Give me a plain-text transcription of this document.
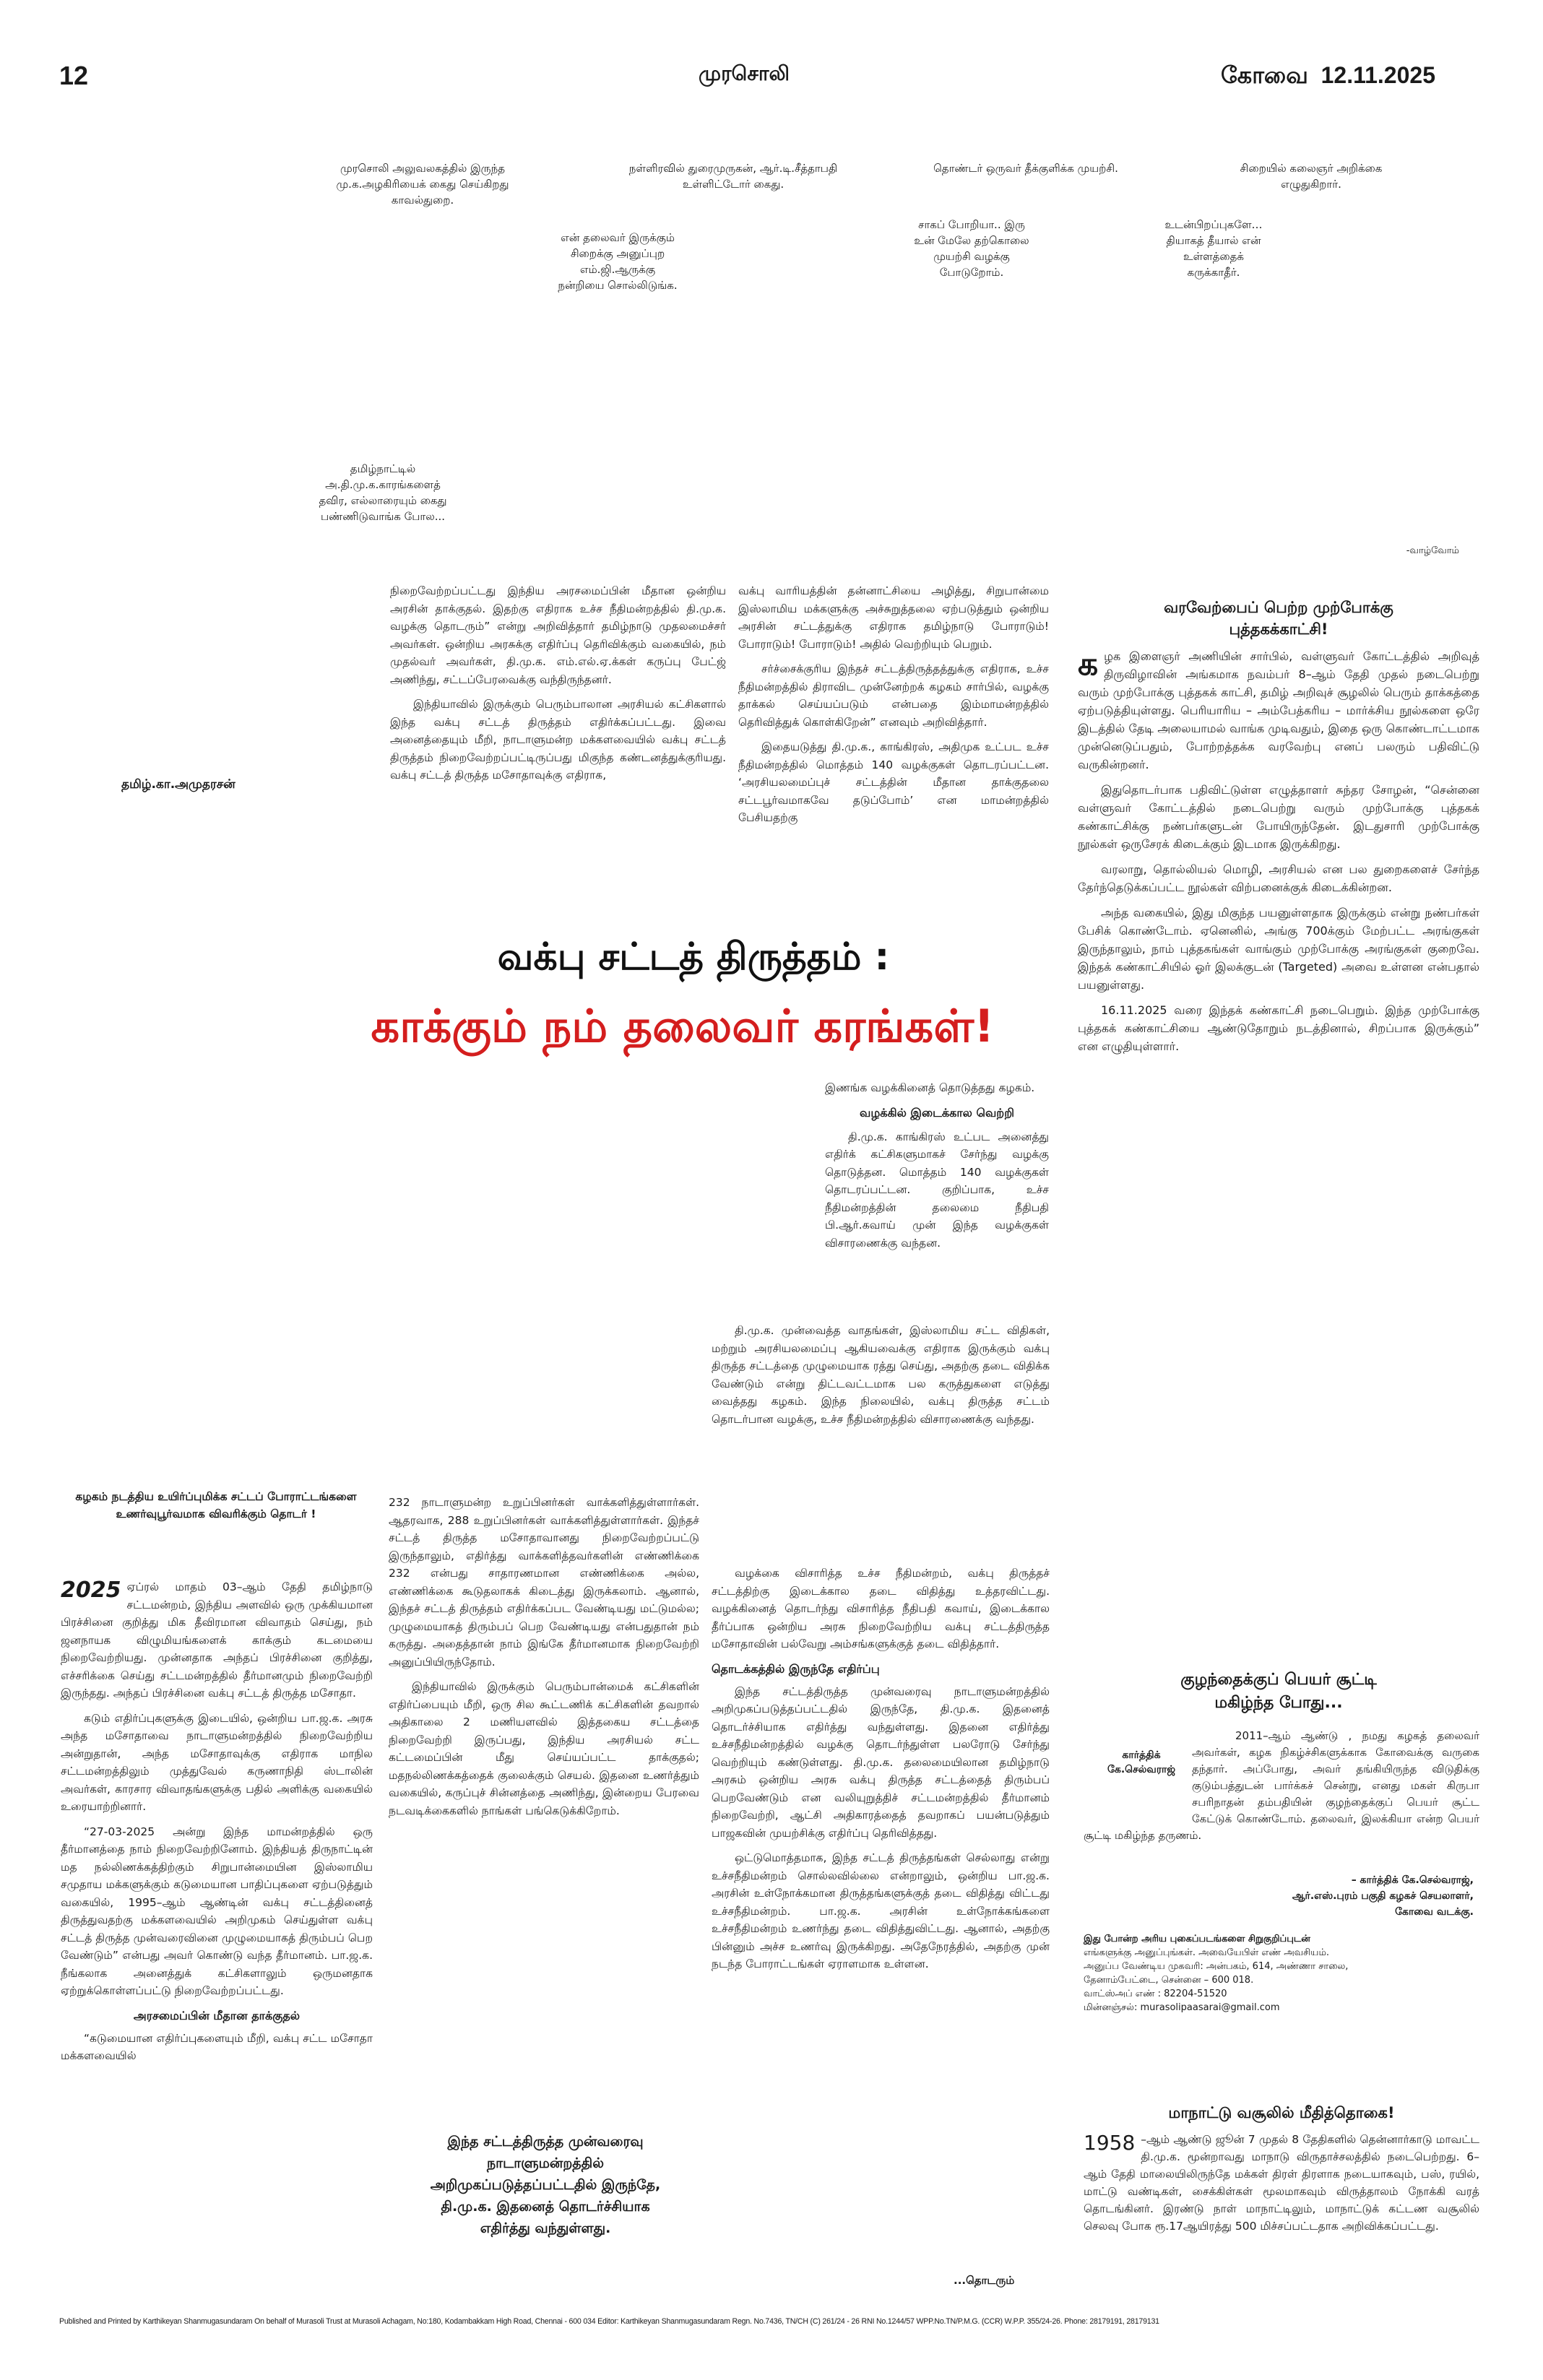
12	முரசொலி	கோவை  12.11.2025
முரசொலி அலுவலகத்தில் இருந்த மு.க.அழகிரியைக் கைது செய்கிறது காவல்துறை.
நள்ளிரவில் துரைமுருகன், ஆர்.டி.சீத்தாபதி உள்ளிட்டோர் கைது.
தொண்டர் ஒருவர் தீக்குளிக்க முயற்சி.	சிறையில் கலைஞர் அறிக்கை எழுதுகிறார்.
என் தலைவர் இருக்கும் சிறைக்கு அனுப்புற எம்.ஜி.ஆருக்கு நன்றியை சொல்லிடுங்க.
சாகப் போறியா.. இரு உன் மேலே தற்கொலை முயற்சி வழக்கு போடுறோம்.
உடன்பிறப்புகளே… தியாகத் தீயால் என் உள்ளத்தைக் கருக்காதீர்.
தமிழ்நாட்டில் அ.தி.மு.க.காரங்களைத் தவிர, எல்லாரையும் கைது பண்ணிடுவாங்க போல...
-வாழ்வோம்
தமிழ்.கா.அமுதரசன்

நிறைவேற்றப்பட்டது இந்திய அரசமைப்பின் மீதான ஒன்றிய அரசின் தாக்குதல். இதற்கு எதிராக உச்ச நீதிமன்றத்தில் தி.மு.க. வழக்கு தொடரும்” என்று அறிவித்தார் தமிழ்நாடு முதலமைச்சர் அவர்கள். ஒன்றிய அரசுக்கு எதிர்ப்பு தெரிவிக்கும் வகையில், நம் முதல்வர் அவர்கள், தி.மு.க. எம்.எல்.ஏ.க்கள் கருப்பு பேட்ஜ் அணிந்து, சட்டப்பேரவைக்கு வந்திருந்தனர்.

இந்தியாவில் இருக்கும் பெரும்பாலான அரசியல் கட்சிகளால் இந்த வக்பு சட்டத் திருத்தம் எதிர்க்கப்பட்டது. இவை அனைத்தையும் மீறி, நாடாளுமன்ற மக்களவையில் வக்பு சட்டத் திருத்தம் நிறைவேற்றப்பட்டிருப்பது மிகுந்த கண்டனத்துக்குரியது. வக்பு சட்டத் திருத்த மசோதாவுக்கு எதிராக,

வக்பு வாரியத்தின் தன்னாட்சியை அழித்து, சிறுபான்மை இஸ்லாமிய மக்களுக்கு அச்சுறுத்தலை ஏற்படுத்தும் ஒன்றிய அரசின் சட்டத்துக்கு எதிராக தமிழ்நாடு போராடும்! போராடும்! போராடும்! அதில் வெற்றியும் பெறும்.

சர்ச்சைக்குரிய இந்தச் சட்டத்திருத்தத்துக்கு எதிராக, உச்ச நீதிமன்றத்தில் திராவிட முன்னேற்றக் கழகம் சார்பில், வழக்கு தாக்கல் செய்யப்படும் என்பதை இம்மாமன்றத்தில் தெரிவித்துக் கொள்கிறேன்” எனவும் அறிவித்தார்.

இதையடுத்து தி.மு.க., காங்கிரஸ், அதிமுக உட்பட உச்ச நீதிமன்றத்தில் மொத்தம் 140 வழக்குகள் தொடரப்பட்டன. ‘அரசியலமைப்புச் சட்டத்தின் மீதான தாக்குதலை சட்டபூர்வமாகவே தடுப்போம்’ என மாமன்றத்தில் பேசியதற்கு

வக்பு சட்டத் திருத்தம் :
காக்கும் நம் தலைவர் கரங்கள்!

இணங்க வழக்கினைத் தொடுத்தது கழகம்.

வழக்கில் இடைக்கால வெற்றி

தி.மு.க. காங்கிரஸ் உட்பட அனைத்து எதிர்க் கட்சிகளுமாகச் சேர்ந்து வழக்கு தொடுத்தன. மொத்தம் 140 வழக்குகள் தொடரப்பட்டன. குறிப்பாக, உச்ச நீதிமன்றத்தின் தலைமை நீதிபதி பி.ஆர்.கவாய் முன் இந்த வழக்குகள் விசாரணைக்கு வந்தன.

தி.மு.க. முன்வைத்த வாதங்கள், இஸ்லாமிய சட்ட விதிகள், மற்றும் அரசியலமைப்பு ஆகியவைக்கு எதிராக இருக்கும் வக்பு திருத்த சட்டத்தை முழுமையாக ரத்து செய்து, அதற்கு தடை விதிக்க வேண்டும் என்று திட்டவட்டமாக பல கருத்துகளை எடுத்து வைத்தது கழகம். இந்த நிலையில், வக்பு திருத்த சட்டம் தொடர்பான வழக்கு, உச்ச நீதிமன்றத்தில் விசாரணைக்கு வந்தது.

கழகம் நடத்திய உயிர்ப்புமிக்க சட்டப் போராட்டங்களை உணர்வுபூர்வமாக விவரிக்கும் தொடர் !

2025 ஏப்ரல் மாதம் 03–ஆம் தேதி தமிழ்நாடு சட்டமன்றம், இந்திய அளவில் ஒரு முக்கியமான பிரச்சினை குறித்து மிக தீவிரமான விவாதம் செய்து, நம் ஜனநாயக விழுமியங்களைக் காக்கும் கடமையை நிறைவேற்றியது. முன்னதாக அந்தப் பிரச்சினை குறித்து, எச்சரிக்கை செய்து சட்டமன்றத்தில் தீர்மானமும் நிறைவேற்றி இருந்தது. அந்தப் பிரச்சினை வக்பு சட்டத் திருத்த மசோதா.

கடும் எதிர்ப்புகளுக்கு இடையில், ஒன்றிய பா.ஜ.க. அரசு அந்த மசோதாவை நாடாளுமன்றத்தில் நிறைவேற்றிய அன்றுதான், அந்த மசோதாவுக்கு எதிராக மாநில சட்டமன்றத்திலும் முத்துவேல் கருணாநிதி ஸ்டாலின் அவர்கள், காரசார விவாதங்களுக்கு பதில் அளிக்கு வகையில் உரையாற்றினார்.

“27-03-2025 அன்று இந்த மாமன்றத்தில் ஒரு தீர்மானத்தை நாம் நிறைவேற்றினோம். இந்தியத் திருநாட்டின் மத நல்லிணக்கத்திற்கும் சிறுபான்மையின இஸ்லாமிய சமுதாய மக்களுக்கும் கடுமையான பாதிப்புகளை ஏற்படுத்தும் வகையில், 1995–ஆம் ஆண்டின் வக்பு சட்டத்தினைத் திருத்துவதற்கு மக்களவையில் அறிமுகம் செய்துள்ள வக்பு சட்டத் திருத்த முன்வரைவினை முழுமையாகத் திரும்பப் பெற வேண்டும்” என்பது அவர் கொண்டு வந்த தீர்மானம். பா.ஜ.க. நீங்கலாக அனைத்துக் கட்சிகளாலும் ஒருமனதாக ஏற்றுக்கொள்ளப்பட்டு நிறைவேற்றப்பட்டது.

அரசமைப்பின் மீதான தாக்குதல்

“கடுமையான எதிர்ப்புகளையும் மீறி, வக்பு சட்ட மசோதா மக்களவையில்

232 நாடாளுமன்ற உறுப்பினர்கள் வாக்களித்துள்ளார்கள். ஆதரவாக, 288 உறுப்பினர்கள் வாக்களித்துள்ளார்கள். இந்தச் சட்டத் திருத்த மசோதாவானது நிறைவேற்றப்பட்டு இருந்தாலும், எதிர்த்து வாக்களித்தவர்களின் எண்ணிக்கை 232 என்பது சாதாரணமான எண்ணிக்கை அல்ல, எண்ணிக்கை கூடுதலாகக் கிடைத்து இருக்கலாம். ஆனால், இந்தச் சட்டத் திருத்தம் எதிர்க்கப்பட வேண்டியது மட்டுமல்ல; முழுமையாகத் திரும்பப் பெற வேண்டியது என்பதுதான் நம் கருத்து. அதைத்தான் நாம் இங்கே தீர்மானமாக நிறைவேற்றி அனுப்பியிருந்தோம்.

இந்தியாவில் இருக்கும் பெரும்பான்மைக் கட்சிகளின் எதிர்ப்பையும் மீறி, ஒரு சில கூட்டணிக் கட்சிகளின் தவறால் அதிகாலை 2 மணியளவில் இத்தகைய சட்டத்தை நிறைவேற்றி இருப்பது, இந்திய அரசியல் சட்ட கட்டமைப்பின் மீது செய்யப்பட்ட தாக்குதல்; மதநல்லிணக்கத்தைக் குலைக்கும் செயல். இதனை உணர்த்தும் வகையில், கருப்புச் சின்னத்தை அணிந்து, இன்றைய பேரவை நடவடிக்கைகளில் நாங்கள் பங்கெடுக்கிறோம்.

இந்த சட்டத்திருத்த முன்வரைவு நாடாளுமன்றத்தில் அறிமுகப்படுத்தப்பட்டதில் இருந்தே, தி.மு.க. இதனைத் தொடர்ச்சியாக எதிர்த்து வந்துள்ளது.

வழக்கை விசாரித்த உச்ச நீதிமன்றம், வக்பு திருத்தச் சட்டத்திற்கு இடைக்கால தடை விதித்து உத்தரவிட்டது. வழக்கினைத் தொடர்ந்து விசாரித்த நீதிபதி கவாய், இடைக்கால தீர்ப்பாக ஒன்றிய அரசு நிறைவேற்றிய வக்பு சட்டத்திருத்த மசோதாவின் பல்வேறு அம்சங்களுக்குத் தடை விதித்தார்.

தொடக்கத்தில் இருந்தே எதிர்ப்பு

இந்த சட்டத்திருத்த முன்வரைவு நாடாளுமன்றத்தில் அறிமுகப்படுத்தப்பட்டதில் இருந்தே, தி.மு.க. இதனைத் தொடர்ச்சியாக எதிர்த்து வந்துள்ளது. இதனை எதிர்த்து உச்சநீதிமன்றத்தில் வழக்கு தொடர்ந்துள்ள பலரோடு சேர்ந்து வெற்றியும் கண்டுள்ளது. தி.மு.க. தலைமையிலான தமிழ்நாடு அரசும் ஒன்றிய அரசு வக்பு திருத்த சட்டத்தைத் திரும்பப் பெறவேண்டும் என வலியுறுத்திச் சட்டமன்றத்தில் தீர்மானம் நிறைவேற்றி, ஆட்சி அதிகாரத்தைத் தவறாகப் பயன்படுத்தும் பாஜகவின் முயற்சிக்கு எதிர்ப்பு தெரிவித்தது.

ஒட்டுமொத்தமாக, இந்த சட்டத் திருத்தங்கள் செல்லாது என்று உச்சநீதிமன்றம் சொல்லவில்லை என்றாலும், ஒன்றிய பா.ஜ.க. அரசின் உள்நோக்கமான திருத்தங்களுக்குத் தடை விதித்து விட்டது உச்சநீதிமன்றம். பா.ஜ.க. அரசின் உள்நோக்கங்களை உச்சநீதிமன்றம் உணர்ந்து தடை விதித்துவிட்டது. ஆனால், அதற்கு பின்னும் அச்ச உணர்வு இருக்கிறது. அதேநேரத்தில், அதற்கு முன் நடந்த போராட்டங்கள் ஏராளமாக உள்ளன.

...தொடரும்
வரவேற்பைப் பெற்ற முற்போக்கு
புத்தகக்காட்சி!

கழக இளைஞர் அணியின் சார்பில், வள்ளுவர் கோட்டத்தில் அறிவுத் திருவிழாவின் அங்கமாக நவம்பர் 8–ஆம் தேதி முதல் நடைபெற்று வரும் முற்போக்கு புத்தகக் காட்சி, தமிழ் அறிவுச் சூழலில் பெரும் தாக்கத்தை ஏற்படுத்தியுள்ளது. பெரியாரிய – அம்பேத்கரிய – மார்க்சிய நூல்களை ஒரே இடத்தில் தேடி அலையாமல் வாங்க முடிவதும், இதை ஒரு கொண்டாட்டமாக முன்னெடுப்பதும், போற்றத்தக்க வரவேற்பு எனப் பலரும் பதிவிட்டு வருகின்றனர்.

இதுதொடர்பாக பதிவிட்டுள்ள எழுத்தாளர் சுந்தர சோழன், “சென்னை வள்ளுவர் கோட்டத்தில் நடைபெற்று வரும் முற்போக்கு புத்தகக் கண்காட்சிக்கு நண்பர்களுடன் போயிருந்தேன். இடதுசாரி முற்போக்கு நூல்கள் ஒருசேரக் கிடைக்கும் இடமாக இருக்கிறது.

வரலாறு, தொல்லியல் மொழி, அரசியல் என பல துறைகளைச் சேர்ந்த தேர்ந்தெடுக்கப்பட்ட நூல்கள் விற்பனைக்குக் கிடைக்கின்றன.

அந்த வகையில், இது மிகுந்த பயனுள்ளதாக இருக்கும் என்று நண்பர்கள் பேசிக் கொண்டோம். ஏனெனில், அங்கு 700க்கும் மேற்பட்ட அரங்குகள் இருந்தாலும், நாம் புத்தகங்கள் வாங்கும் முற்போக்கு அரங்குகள் குறைவே. இந்தக் கண்காட்சியில் ஓர் இலக்குடன் (Targeted) அவை உள்ளன என்பதால் பயனுள்ளது.

16.11.2025 வரை இந்தக் கண்காட்சி நடைபெறும். இந்த முற்போக்கு புத்தகக் கண்காட்சியை ஆண்டுதோறும் நடத்தினால், சிறப்பாக இருக்கும்” என எழுதியுள்ளார்.

குழந்தைக்குப் பெயர் சூட்டி
மகிழ்ந்த போது...
கார்த்திக்
கே.செல்வராஜ்

2011–ஆம் ஆண்டு , நமது கழகத் தலைவர் அவர்கள், கழக நிகழ்ச்சிகளுக்காக கோவைக்கு வருகை தந்தார். அப்போது, அவர் தங்கியிருந்த விடுதிக்கு குடும்பத்துடன் பார்க்கச் சென்று, எனது மகள் கிருபா சபரிநாதன் தம்பதியின் குழந்தைக்குப் பெயர் சூட்ட கேட்டுக் கொண்டோம். தலைவர், இலக்கியா என்ற பெயர் சூட்டி மகிழ்ந்த தருணம்.

– கார்த்திக் கே.செல்வராஜ்,
ஆர்.எஸ்.புரம் பகுதி கழகச் செயலாளர்,
கோவை வடக்கு.
இது போன்ற அரிய புகைப்படங்களை சிறுகுறிப்புடன்
எங்களுக்கு அனுப்புங்கள். அவையேபிள் எண் அவசியம்.
அனுப்ப வேண்டிய முகவரி: அன்பகம், 614, அண்ணா சாலை,
தேனாம்பேட்டை, சென்னை – 600 018.
வாட்ஸ்அப் எண் : 82204-51520
மின்னஞ்சல்: murasolipaasarai@gmail.com
மாநாட்டு வசூலில் மீதித்தொகை!

1958 –ஆம் ஆண்டு ஜூன் 7 முதல் 8 தேதிகளில் தென்னார்காடு மாவட்ட தி.மு.க. மூன்றாவது மாநாடு விருதாச்சலத்தில் நடைபெற்றது. 6–ஆம் தேதி மாலையிலிருந்தே மக்கள் திரள் திரளாக நடையாகவும், பஸ், ரயில், மாட்டு வண்டிகள், சைக்கிள்கள் மூலமாகவும் விருத்தாலம் நோக்கி வரத் தொடங்கினர். இரண்டு நாள் மாநாட்டிலும், மாநாட்டுக் கட்டண வசூலில் செலவு போக ரூ.17ஆயிரத்து 500 மிச்சப்பட்டதாக அறிவிக்கப்பட்டது.

Published and Printed by Karthikeyan Shanmugasundaram On behalf of Murasoli Trust at Murasoli Achagam, No:180, Kodambakkam High Road, Chennai - 600 034 Editor: Karthikeyan Shanmugasundaram Regn. No.7436, TN/CH (C) 261/24 - 26 RNI No.1244/57 WPP.No.TN/P.M.G. (CCR) W.P.P. 355/24-26. Phone: 28179191, 28179131
